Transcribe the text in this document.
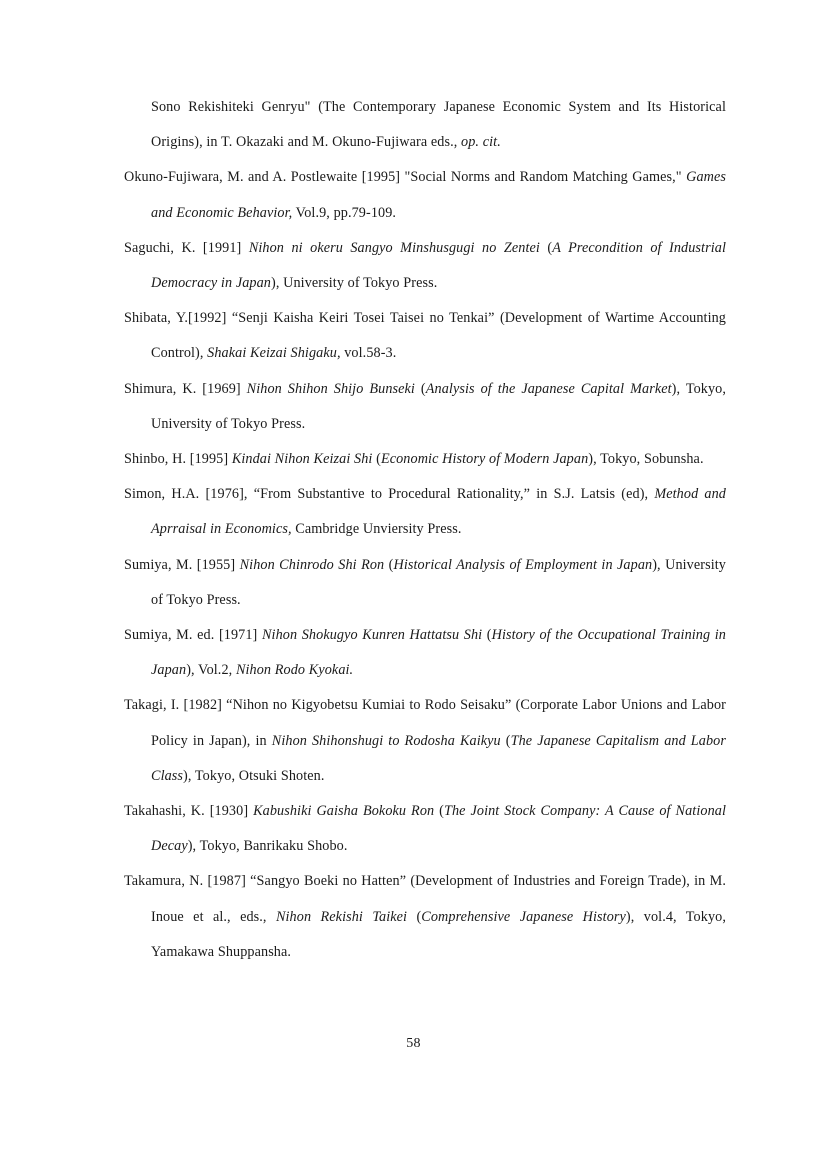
Sono Rekishiteki Genryu" (The Contemporary Japanese Economic System and Its Historical Origins), in T. Okazaki and M. Okuno-Fujiwara eds., op. cit.
Okuno-Fujiwara, M. and A. Postlewaite [1995] "Social Norms and Random Matching Games," Games and Economic Behavior, Vol.9, pp.79-109.
Saguchi, K. [1991] Nihon ni okeru Sangyo Minshusgugi no Zentei (A Precondition of Industrial Democracy in Japan), University of Tokyo Press.
Shibata, Y.[1992] “Senji Kaisha Keiri Tosei Taisei no Tenkai” (Development of Wartime Accounting Control), Shakai Keizai Shigaku, vol.58-3.
Shimura, K. [1969] Nihon Shihon Shijo Bunseki (Analysis of the Japanese Capital Market), Tokyo, University of Tokyo Press.
Shinbo, H. [1995] Kindai Nihon Keizai Shi (Economic History of Modern Japan), Tokyo, Sobunsha.
Simon, H.A. [1976], “From Substantive to Procedural Rationality,” in S.J. Latsis (ed), Method and Aprraisal in Economics, Cambridge Unviersity Press.
Sumiya, M. [1955] Nihon Chinrodo Shi Ron (Historical Analysis of Employment in Japan), University of Tokyo Press.
Sumiya, M. ed. [1971] Nihon Shokugyo Kunren Hattatsu Shi (History of the Occupational Training in Japan), Vol.2, Nihon Rodo Kyokai.
Takagi, I. [1982] “Nihon no Kigyobetsu Kumiai to Rodo Seisaku” (Corporate Labor Unions and Labor Policy in Japan), in Nihon Shihonshugi to Rodosha Kaikyu (The Japanese Capitalism and Labor Class), Tokyo, Otsuki Shoten.
Takahashi, K. [1930] Kabushiki Gaisha Bokoku Ron (The Joint Stock Company: A Cause of National Decay), Tokyo, Banrikaku Shobo.
Takamura, N. [1987] “Sangyo Boeki no Hatten” (Development of Industries and Foreign Trade), in M. Inoue et al., eds., Nihon Rekishi Taikei (Comprehensive Japanese History), vol.4, Tokyo, Yamakawa Shuppansha.
58
